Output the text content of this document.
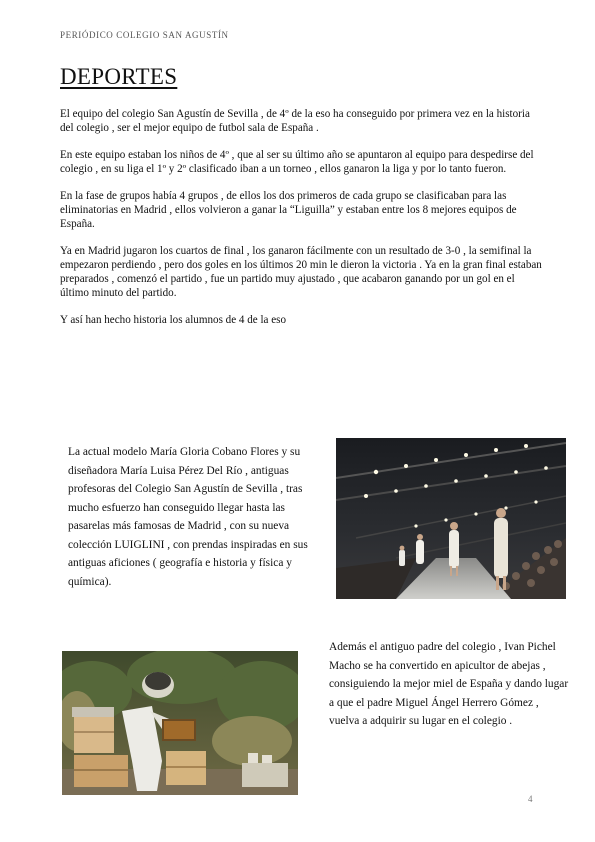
PERIÓDICO COLEGIO SAN AGUSTÍN
DEPORTES

El equipo del colegio San Agustín de Sevilla , de 4º de la eso ha conseguido por primera vez en la historia del colegio , ser el mejor equipo de futbol sala de España .

En este equipo estaban los niños de 4º , que al ser su último año se apuntaron al equipo para despedirse del colegio , en su liga el 1º y 2º clasificado iban a un torneo , ellos ganaron la liga y por lo tanto fueron.

En la fase de grupos había 4 grupos , de ellos los dos primeros de cada grupo se clasificaban para las eliminatorias en Madrid , ellos volvieron a ganar la “Liguilla” y estaban entre los 8 mejores equipos de España.

Ya en Madrid jugaron los cuartos de final , los ganaron fácilmente con un resultado de 3-0 , la semifinal la empezaron perdiendo , pero dos goles en los últimos 20 min le dieron la victoria . Ya en la gran final estaban preparados , comenzó el partido , fue un partido muy ajustado , que acabaron ganando por un gol en el último minuto del partido.

Y así han hecho historia los alumnos de 4 de la eso

La actual modelo María Gloria Cobano Flores y su diseñadora María Luisa Pérez Del Río , antiguas profesoras del Colegio San Agustín de Sevilla , tras mucho esfuerzo han conseguido llegar hasta las pasarelas más famosas de Madrid , con su nueva colección LUIGLINI , con prendas inspiradas en sus antiguas aficiones ( geografía e historia y física y química).
Además el antiguo padre del colegio , Ivan Pichel Macho se ha convertido en apicultor de abejas , consiguiendo la mejor miel de España y dando lugar a que el padre Miguel Ángel Herrero Gómez , vuelva a adquirir su lugar en el colegio .
4
